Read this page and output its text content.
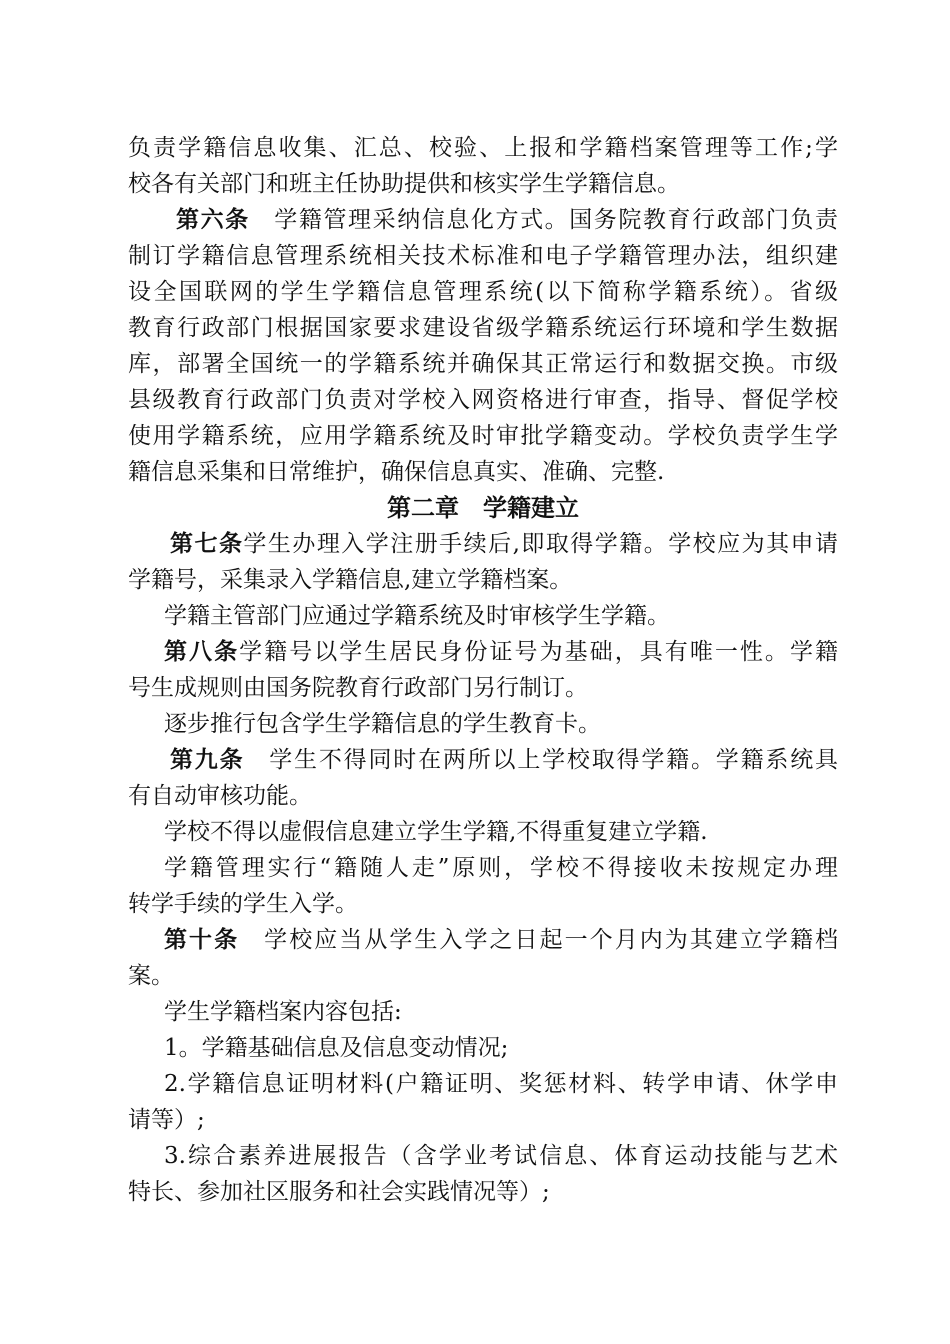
负责学籍信息收集、汇总、校验、上报和学籍档案管理等工作;学
校各有关部门和班主任协助提供和核实学生学籍信息。
第六条　学籍管理采纳信息化方式。国务院教育行政部门负责
制订学籍信息管理系统相关技术标准和电子学籍管理办法，组织建
设全国联网的学生学籍信息管理系统(以下简称学籍系统）。省级
教育行政部门根据国家要求建设省级学籍系统运行环境和学生数据
库，部署全国统一的学籍系统并确保其正常运行和数据交换。市级
县级教育行政部门负责对学校入网资格进行审查，指导、督促学校
使用学籍系统，应用学籍系统及时审批学籍变动。学校负责学生学
籍信息采集和日常维护，确保信息真实、准确、完整.
第二章　学籍建立
第七条学生办理入学注册手续后,即取得学籍。学校应为其申请
学籍号，采集录入学籍信息,建立学籍档案。
学籍主管部门应通过学籍系统及时审核学生学籍。
第八条学籍号以学生居民身份证号为基础，具有唯一性。学籍
号生成规则由国务院教育行政部门另行制订。
逐步推行包含学生学籍信息的学生教育卡。
第九条　学生不得同时在两所以上学校取得学籍。学籍系统具
有自动审核功能。
学校不得以虚假信息建立学生学籍,不得重复建立学籍.
学籍管理实行“籍随人走”原则，学校不得接收未按规定办理
转学手续的学生入学。
第十条　学校应当从学生入学之日起一个月内为其建立学籍档
案。
学生学籍档案内容包括:
1。学籍基础信息及信息变动情况;
2.学籍信息证明材料(户籍证明、奖惩材料、转学申请、休学申
请等）;
3.综合素养进展报告（含学业考试信息、体育运动技能与艺术
特长、参加社区服务和社会实践情况等）;
